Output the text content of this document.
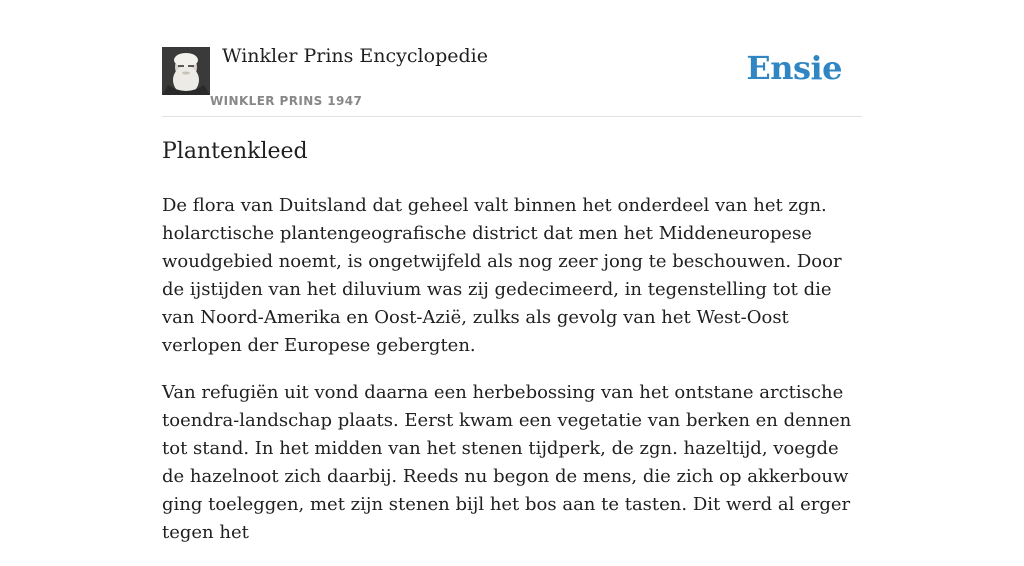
Winkler Prins Encyclopedie
WINKLER PRINS 1947
Ensie
Plantenkleed

De flora van Duitsland dat geheel valt binnen het onderdeel van het zgn. holarctische plantengeografische district dat men het Middeneuropese woudgebied noemt, is ongetwijfeld als nog zeer jong te beschouwen. Door de ijstijden van het diluvium was zij gedecimeerd, in tegenstelling tot die van Noord-Amerika en Oost-Azië, zulks als gevolg van het West-Oost verlopen der Europese gebergten.

Van refugiën uit vond daarna een herbebossing van het ontstane arctische toendra-landschap plaats. Eerst kwam een vegetatie van berken en dennen tot stand. In het midden van het stenen tijdperk, de zgn. hazeltijd, voegde de hazelnoot zich daarbij. Reeds nu begon de mens, die zich op akkerbouw ging toeleggen, met zijn stenen bijl het bos aan te tasten. Dit werd al erger tegen het
